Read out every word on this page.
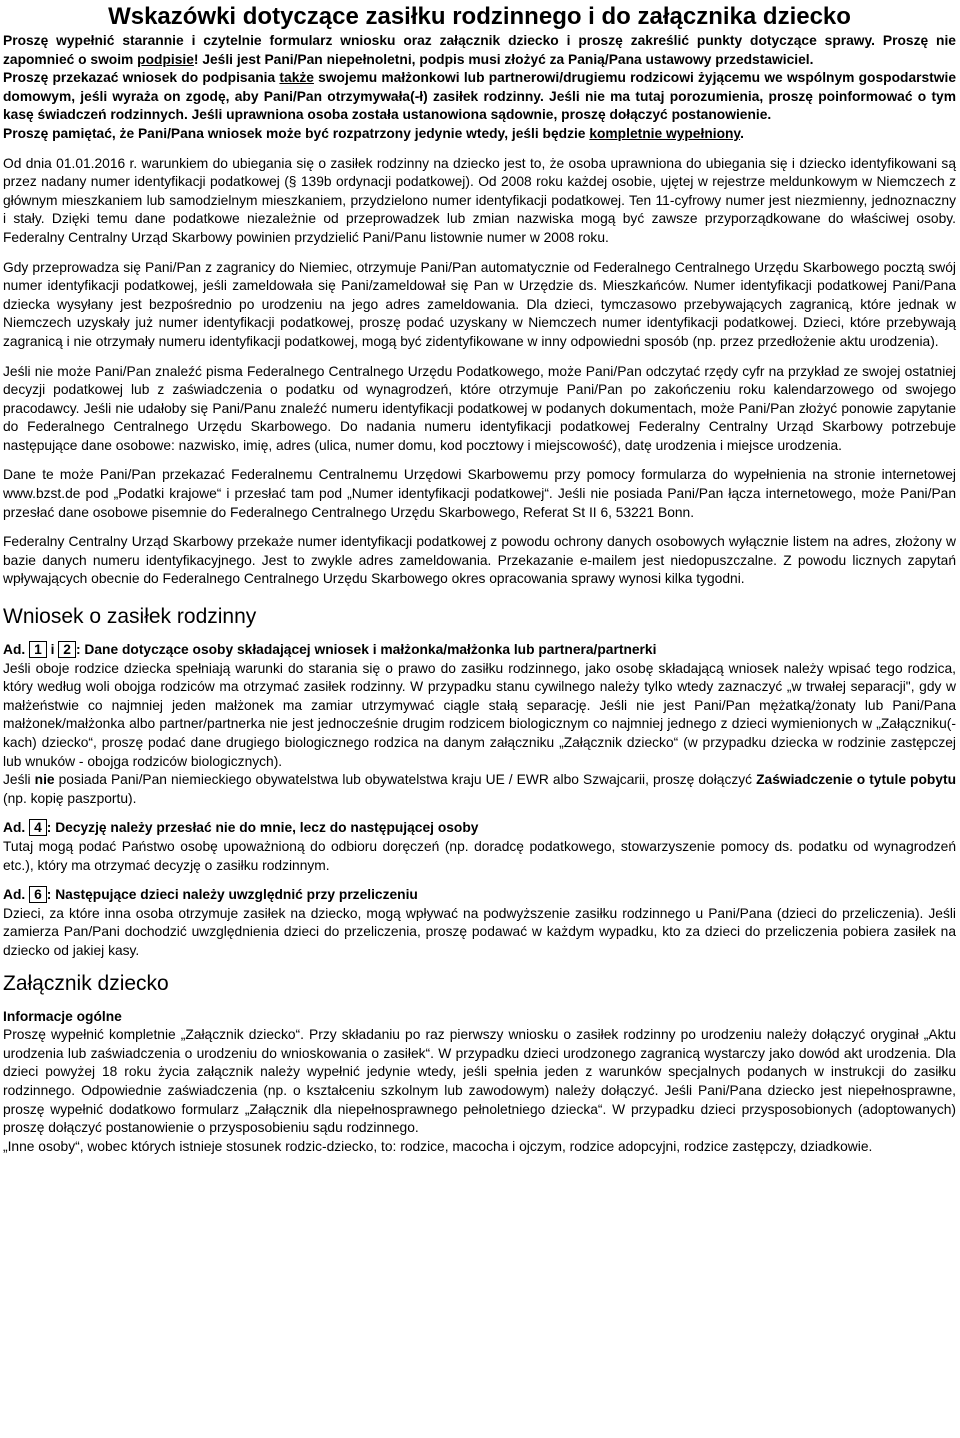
Wskazówki dotyczące zasiłku rodzinnego i do załącznika dziecko

Proszę wypełnić starannie i czytelnie formularz wniosku oraz załącznik dziecko i proszę zakreślić punkty dotyczące sprawy. Proszę nie zapomnieć o swoim podpisie! Jeśli jest Pani/Pan niepełnoletni, podpis musi złożyć za Panią/Pana ustawowy przedstawiciel.

Proszę przekazać wniosek do podpisania także swojemu małżonkowi lub partnerowi/drugiemu rodzicowi żyjącemu we wspólnym gospodarstwie domowym, jeśli wyraża on zgodę, aby Pani/Pan otrzymywała(-ł) zasiłek rodzinny. Jeśli nie ma tutaj porozumienia, proszę poinformować o tym kasę świadczeń rodzinnych. Jeśli uprawniona osoba została ustanowiona sądownie, proszę dołączyć postanowienie.

Proszę pamiętać, że Pani/Pana wniosek może być rozpatrzony jedynie wtedy, jeśli będzie kompletnie wypełniony.

Od dnia 01.01.2016 r. warunkiem do ubiegania się o zasiłek rodzinny na dziecko jest to, że osoba uprawniona do ubiegania się i dziecko identyfikowani są przez nadany numer identyfikacji podatkowej (§ 139b ordynacji podatkowej). Od 2008 roku każdej osobie, ujętej w rejestrze meldunkowym w Niemczech z głównym mieszkaniem lub samodzielnym mieszkaniem, przydzielono numer identyfikacji podatkowej. Ten 11-cyfrowy numer jest niezmienny, jednoznaczny i stały. Dzięki temu dane podatkowe niezależnie od przeprowadzek lub zmian nazwiska mogą być zawsze przyporządkowane do właściwej osoby. Federalny Centralny Urząd Skarbowy powinien przydzielić Pani/Panu listownie numer w 2008 roku.

Gdy przeprowadza się Pani/Pan z zagranicy do Niemiec, otrzymuje Pani/Pan automatycznie od Federalnego Centralnego Urzędu Skarbowego pocztą swój numer identyfikacji podatkowej, jeśli zameldowała się Pani/zameldował się Pan w Urzędzie ds. Mieszkańców. Numer identyfikacji podatkowej Pani/Pana dziecka wysyłany jest bezpośrednio po urodzeniu na jego adres zameldowania. Dla dzieci, tymczasowo przebywających zagranicą, które jednak w Niemczech uzyskały już numer identyfikacji podatkowej, proszę podać uzyskany w Niemczech numer identyfikacji podatkowej. Dzieci, które przebywają zagranicą i nie otrzymały numeru identyfikacji podatkowej, mogą być zidentyfikowane w inny odpowiedni sposób (np. przez przedłożenie aktu urodzenia).

Jeśli nie może Pani/Pan znaleźć pisma Federalnego Centralnego Urzędu Podatkowego, może Pani/Pan odczytać rzędy cyfr na przykład ze swojej ostatniej decyzji podatkowej lub z zaświadczenia o podatku od wynagrodzeń, które otrzymuje Pani/Pan po zakończeniu roku kalendarzowego od swojego pracodawcy. Jeśli nie udałoby się Pani/Panu znaleźć numeru identyfikacji podatkowej w podanych dokumentach, może Pani/Pan złożyć ponowie zapytanie do Federalnego Centralnego Urzędu Skarbowego. Do nadania numeru identyfikacji podatkowej Federalny Centralny Urząd Skarbowy potrzebuje następujące dane osobowe: nazwisko, imię, adres (ulica, numer domu, kod pocztowy i miejscowość), datę urodzenia i miejsce urodzenia.

Dane te może Pani/Pan przekazać Federalnemu Centralnemu Urzędowi Skarbowemu przy pomocy formularza do wypełnienia na stronie internetowej www.bzst.de pod „Podatki krajowe“ i przesłać tam pod „Numer identyfikacji podatkowej“. Jeśli nie posiada Pani/Pan łącza internetowego, może Pani/Pan przesłać dane osobowe pisemnie do Federalnego Centralnego Urzędu Skarbowego, Referat St II 6, 53221 Bonn.

Federalny Centralny Urząd Skarbowy przekaże numer identyfikacji podatkowej z powodu ochrony danych osobowych wyłącznie listem na adres, złożony w bazie danych numeru identyfikacyjnego. Jest to zwykle adres zameldowania. Przekazanie e-mailem jest niedopuszczalne. Z powodu licznych zapytań wpływających obecnie do Federalnego Centralnego Urzędu Skarbowego okres opracowania sprawy wynosi kilka tygodni.

Wniosek o zasiłek rodzinny

Ad. 1 i 2 : Dane dotyczące osoby składającej wniosek i małżonka/małżonka lub partnera/partnerki

Jeśli oboje rodzice dziecka spełniają warunki do starania się o prawo do zasiłku rodzinnego, jako osobę składającą wniosek należy wpisać tego rodzica, który według woli obojga rodziców ma otrzymać zasiłek rodzinny. W przypadku stanu cywilnego należy tylko wtedy zaznaczyć „w trwałej separacji", gdy w małżeństwie co najmniej jeden małżonek ma zamiar utrzymywać ciągle stałą separację. Jeśli nie jest Pani/Pan mężatką/żonaty lub Pani/Pana małżonek/małżonka albo partner/partnerka nie jest jednocześnie drugim rodzicem biologicznym co najmniej jednego z dzieci wymienionych w „Załączniku(-kach) dziecko“, proszę podać dane drugiego biologicznego rodzica na danym załączniku „Załącznik dziecko“ (w przypadku dziecka w rodzinie zastępczej lub wnuków - obojga rodziców biologicznych).

Jeśli nie posiada Pani/Pan niemieckiego obywatelstwa lub obywatelstwa kraju UE / EWR albo Szwajcarii, proszę dołączyć Zaświadczenie o tytule pobytu (np. kopię paszportu).

Ad. 4 : Decyzję należy przesłać nie do mnie, lecz do następującej osoby

Tutaj mogą podać Państwo osobę upoważnioną do odbioru doręczeń (np. doradcę podatkowego, stowarzyszenie pomocy ds. podatku od wynagrodzeń etc.), który ma otrzymać decyzję o zasiłku rodzinnym.

Ad. 6 : Następujące dzieci należy uwzględnić przy przeliczeniu

Dzieci, za które inna osoba otrzymuje zasiłek na dziecko, mogą wpływać na podwyższenie zasiłku rodzinnego u Pani/Pana (dzieci do przeliczenia). Jeśli zamierza Pan/Pani dochodzić uwzględnienia dzieci do przeliczenia, proszę podawać w każdym wypadku, kto za dzieci do przeliczenia pobiera zasiłek na dziecko od jakiej kasy.

Załącznik dziecko

Informacje ogólne

Proszę wypełnić kompletnie „Załącznik dziecko“. Przy składaniu po raz pierwszy wniosku o zasiłek rodzinny po urodzeniu należy dołączyć oryginał „Aktu urodzenia lub zaświadczenia o urodzeniu do wnioskowania o zasiłek“. W przypadku dzieci urodzonego zagranicą wystarczy jako dowód akt urodzenia. Dla dzieci powyżej 18 roku życia załącznik należy wypełnić jedynie wtedy, jeśli spełnia jeden z warunków specjalnych podanych w instrukcji do zasiłku rodzinnego. Odpowiednie zaświadczenia (np. o kształceniu szkolnym lub zawodowym) należy dołączyć. Jeśli Pani/Pana dziecko jest niepełnosprawne, proszę wypełnić dodatkowo formularz „Załącznik dla niepełnosprawnego pełnoletniego dziecka“. W przypadku dzieci przysposobionych (adoptowanych) proszę dołączyć postanowienie o przysposobieniu sądu rodzinnego.

„Inne osoby“, wobec których istnieje stosunek rodzic-dziecko, to: rodzice, macocha i ojczym, rodzice adopcyjni, rodzice zastępczy, dziadkowie.
